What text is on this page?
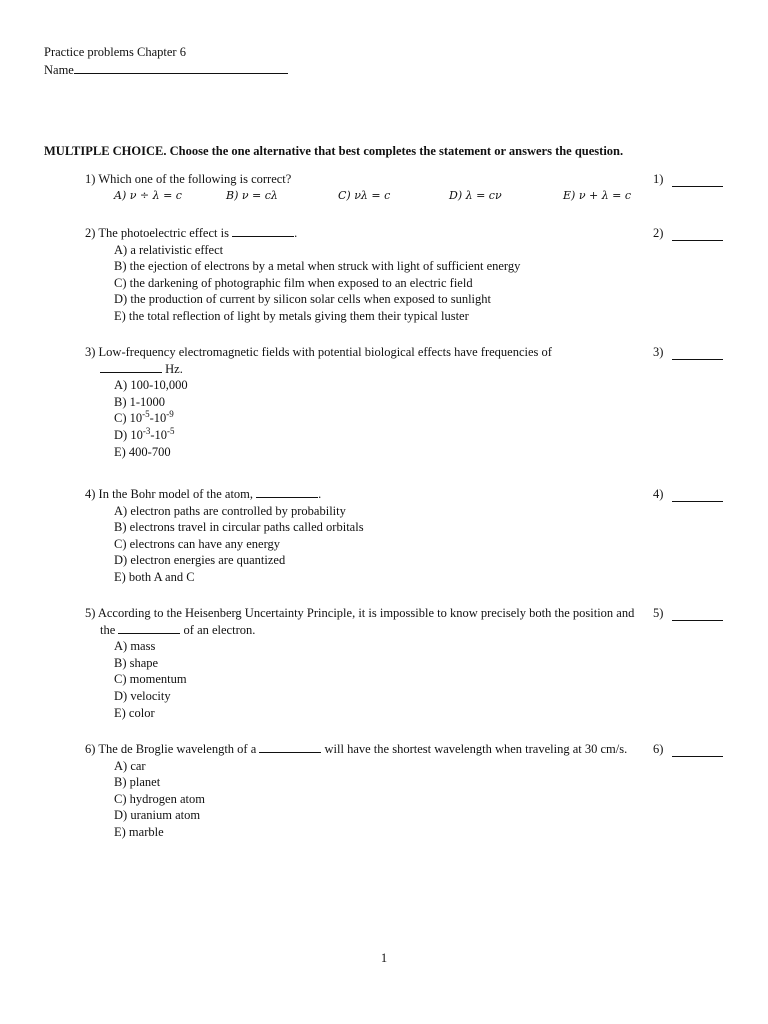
Practice problems Chapter 6
Name
MULTIPLE CHOICE. Choose the one alternative that best completes the statement or answers the question.
1) Which one of the following is correct?
A) ν ÷ λ = c	B) ν = cλ	C) νλ = c	D) λ = cν	E) ν + λ = c
1)
2) The photoelectric effect is	.
A) a relativistic effect
B) the ejection of electrons by a metal when struck with light of sufficient energy
C) the darkening of photographic film when exposed to an electric field
D) the production of current by silicon solar cells when exposed to sunlight
E) the total reflection of light by metals giving them their typical luster
2)
3) Low-frequency electromagnetic fields with potential biological effects have frequencies of
Hz.
A) 100-10,000
B) 1-1000
C) $10^{-5}-10^{-9}$
D) $10^{-3}-10^{-5}$
E) 400-700
3)
4) In the Bohr model of the atom,	.
A) electron paths are controlled by probability
B) electrons travel in circular paths called orbitals
C) electrons can have any energy
D) electron energies are quantized
E) both A and C
4)
5) According to the Heisenberg Uncertainty Principle, it is impossible to know precisely both the position and the	of an electron.
A) mass
B) shape
C) momentum
D) velocity
E) color
5)
6) The de Broglie wavelength of a	will have the shortest wavelength when traveling at 30 cm/s.
A) car
B) planet
C) hydrogen atom
D) uranium atom
E) marble
6)
1
